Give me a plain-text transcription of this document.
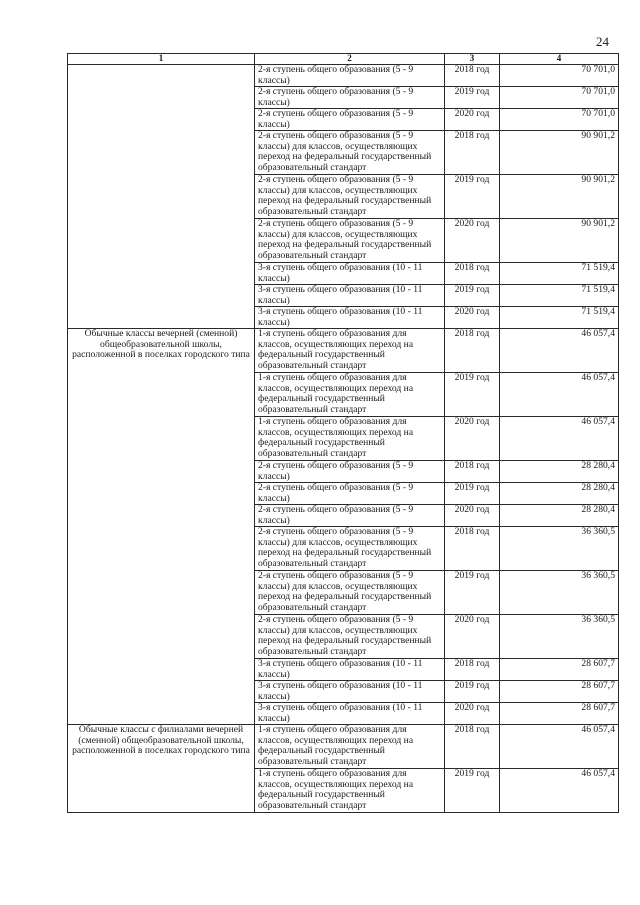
24
1	2	3	4
	2-я ступень общего образования (5 - 9 классы)	2018 год	70 701,0
	2-я ступень общего образования (5 - 9 классы)	2019 год	70 701,0
	2-я ступень общего образования (5 - 9 классы)	2020 год	70 701,0
	2-я ступень общего образования (5 - 9 классы) для классов, осуществляющих переход на федеральный государственный образовательный стандарт	2018 год	90 901,2
	2-я ступень общего образования (5 - 9 классы) для классов, осуществляющих переход на федеральный государственный образовательный стандарт	2019 год	90 901,2
	2-я ступень общего образования (5 - 9 классы) для классов, осуществляющих переход на федеральный государственный образовательный стандарт	2020 год	90 901,2
	3-я ступень общего образования (10 - 11 классы)	2018 год	71 519,4
	3-я ступень общего образования (10 - 11 классы)	2019 год	71 519,4
	3-я ступень общего образования (10 - 11 классы)	2020 год	71 519,4
Обычные классы вечерней (сменной) общеобразовательной школы, расположенной в поселках городского типа	1-я ступень общего образования для классов, осуществляющих переход на федеральный государственный образовательный стандарт	2018 год	46 057,4
	1-я ступень общего образования для классов, осуществляющих переход на федеральный государственный образовательный стандарт	2019 год	46 057,4
	1-я ступень общего образования для классов, осуществляющих переход на федеральный государственный образовательный стандарт	2020 год	46 057,4
	2-я ступень общего образования (5 - 9 классы)	2018 год	28 280,4
	2-я ступень общего образования (5 - 9 классы)	2019 год	28 280,4
	2-я ступень общего образования (5 - 9 классы)	2020 год	28 280,4
	2-я ступень общего образования (5 - 9 классы) для классов, осуществляющих переход на федеральный государственный образовательный стандарт	2018 год	36 360,5
	2-я ступень общего образования (5 - 9 классы) для классов, осуществляющих переход на федеральный государственный образовательный стандарт	2019 год	36 360,5
	2-я ступень общего образования (5 - 9 классы) для классов, осуществляющих переход на федеральный государственный образовательный стандарт	2020 год	36 360,5
	3-я ступень общего образования (10 - 11 классы)	2018 год	28 607,7
	3-я ступень общего образования (10 - 11 классы)	2019 год	28 607,7
	3-я ступень общего образования (10 - 11 классы)	2020 год	28 607,7
Обычные классы с филиалами вечерней (сменной) общеобразовательной школы, расположенной в поселках городского типа	1-я ступень общего образования для классов, осуществляющих переход на федеральный государственный образовательный стандарт	2018 год	46 057,4
	1-я ступень общего образования для классов, осуществляющих переход на федеральный государственный образовательный стандарт	2019 год	46 057,4
